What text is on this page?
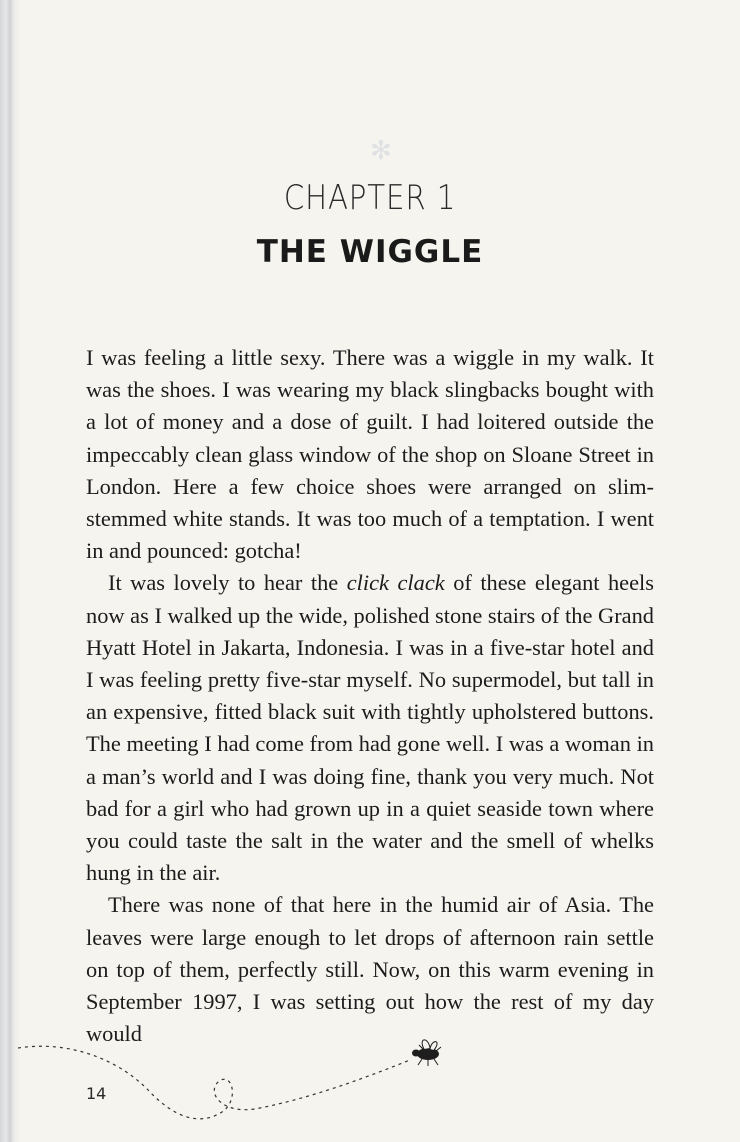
✻
CHAPTER 1
THE WIGGLE

I was feeling a little sexy. There was a wiggle in my walk. It was the shoes. I was wearing my black slingbacks bought with a lot of money and a dose of guilt. I had loitered outside the impeccably clean glass window of the shop on Sloane Street in London. Here a few choice shoes were arranged on slim-stemmed white stands. It was too much of a temptation. I went in and pounced: gotcha!

It was lovely to hear the click clack of these elegant heels now as I walked up the wide, polished stone stairs of the Grand Hyatt Hotel in Jakarta, Indonesia. I was in a five-star hotel and I was feeling pretty five-star myself. No supermodel, but tall in an expensive, fitted black suit with tightly upholstered buttons. The meeting I had come from had gone well. I was a woman in a man’s world and I was doing fine, thank you very much. Not bad for a girl who had grown up in a quiet seaside town where you could taste the salt in the water and the smell of whelks hung in the air.

There was none of that here in the humid air of Asia. The leaves were large enough to let drops of afternoon rain settle on top of them, perfectly still. Now, on this warm evening in September 1997, I was setting out how the rest of my day would

14
